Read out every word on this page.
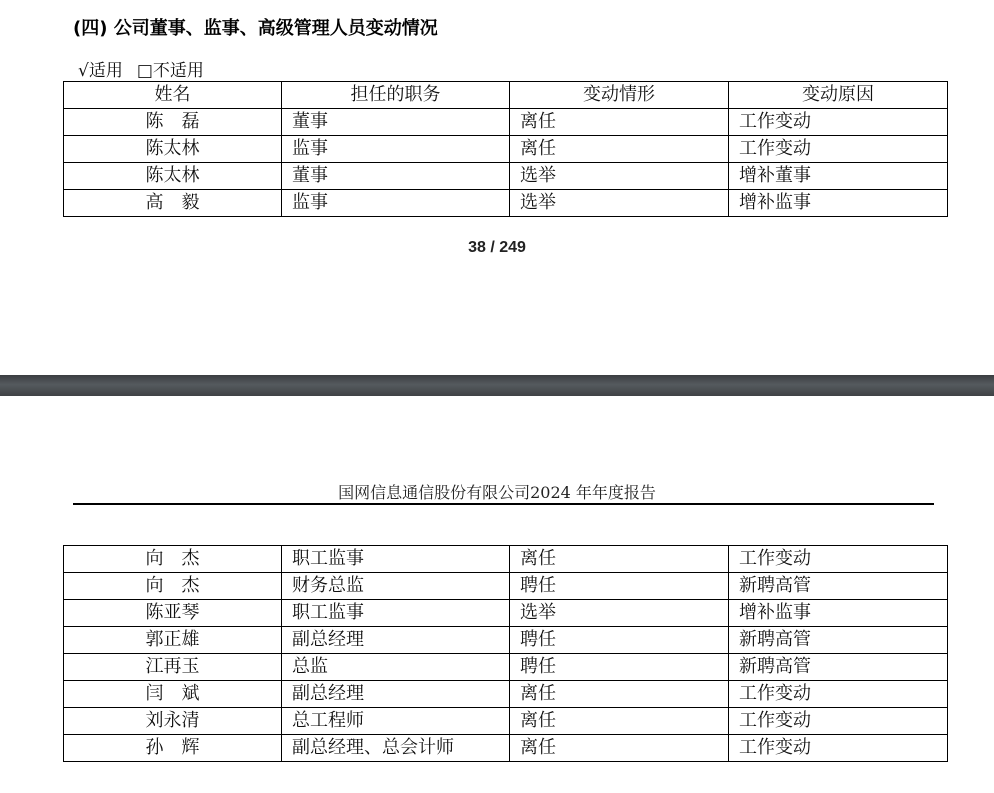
(四) 公司董事、监事、高级管理人员变动情况
√适用 □不适用
姓名	担任的职务	变动情形	变动原因
陈　磊	董事	离任	工作变动
陈太林	监事	离任	工作变动
陈太林	董事	选举	增补董事
高　毅	监事	选举	增补监事
38 / 249
国网信息通信股份有限公司2024 年年度报告
向　杰	职工监事	离任	工作变动
向　杰	财务总监	聘任	新聘高管
陈亚琴	职工监事	选举	增补监事
郭正雄	副总经理	聘任	新聘高管
江再玉	总监	聘任	新聘高管
闫　斌	副总经理	离任	工作变动
刘永清	总工程师	离任	工作变动
孙　辉	副总经理、总会计师	离任	工作变动
